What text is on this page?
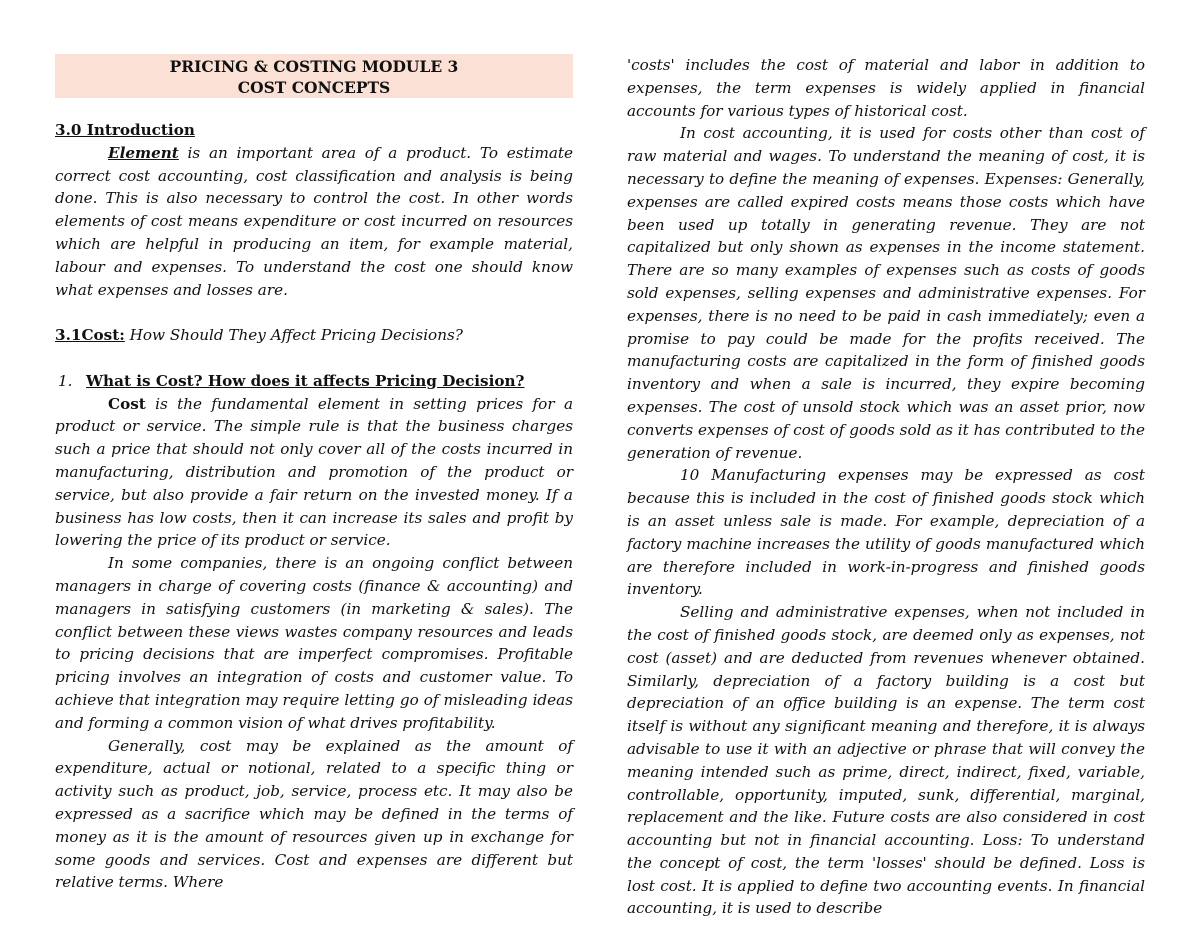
PRICING & COSTING MODULE 3
COST CONCEPTS
3.0 Introduction

Element is an important area of a product. To estimate correct cost accounting, cost classification and analysis is being done. This is also necessary to control the cost. In other words elements of cost means expenditure or cost incurred on resources which are helpful in producing an item, for example material, labour and expenses. To understand the cost one should know what expenses and losses are.

3.1Cost: How Should They Affect Pricing Decisions?

1. What is Cost? How does it affects Pricing Decision?

Cost is the fundamental element in setting prices for a product or service. The simple rule is that the business charges such a price that should not only cover all of the costs incurred in manufacturing, distribution and promotion of the product or service, but also provide a fair return on the invested money. If a business has low costs, then it can increase its sales and profit by lowering the price of its product or service.

In some companies, there is an ongoing conflict between managers in charge of covering costs (finance & accounting) and managers in satisfying customers (in marketing & sales). The conflict between these views wastes company resources and leads to pricing decisions that are imperfect compromises. Profitable pricing involves an integration of costs and customer value. To achieve that integration may require letting go of misleading ideas and forming a common vision of what drives profitability.

Generally, cost may be explained as the amount of expenditure, actual or notional, related to a specific thing or activity such as product, job, service, process etc. It may also be expressed as a sacrifice which may be defined in the terms of money as it is the amount of resources given up in exchange for some goods and services. Cost and expenses are different but relative terms. Where

'costs' includes the cost of material and labor in addition to expenses, the term expenses is widely applied in financial accounts for various types of historical cost.

In cost accounting, it is used for costs other than cost of raw material and wages. To understand the meaning of cost, it is necessary to define the meaning of expenses. Expenses: Generally, expenses are called expired costs means those costs which have been used up totally in generating revenue. They are not capitalized but only shown as expenses in the income statement. There are so many examples of expenses such as costs of goods sold expenses, selling expenses and administrative expenses. For expenses, there is no need to be paid in cash immediately; even a promise to pay could be made for the profits received. The manufacturing costs are capitalized in the form of finished goods inventory and when a sale is incurred, they expire becoming expenses. The cost of unsold stock which was an asset prior, now converts expenses of cost of goods sold as it has contributed to the generation of revenue.

10 Manufacturing expenses may be expressed as cost because this is included in the cost of finished goods stock which is an asset unless sale is made. For example, depreciation of a factory machine increases the utility of goods manufactured which are therefore included in work-in-progress and finished goods inventory.

Selling and administrative expenses, when not included in the cost of finished goods stock, are deemed only as expenses, not cost (asset) and are deducted from revenues whenever obtained. Similarly, depreciation of a factory building is a cost but depreciation of an office building is an expense. The term cost itself is without any significant meaning and therefore, it is always advisable to use it with an adjective or phrase that will convey the meaning intended such as prime, direct, indirect, fixed, variable, controllable, opportunity, imputed, sunk, differential, marginal, replacement and the like. Future costs are also considered in cost accounting but not in financial accounting. Loss: To understand the concept of cost, the term 'losses' should be defined. Loss is lost cost. It is applied to define two accounting events. In financial accounting, it is used to describe
